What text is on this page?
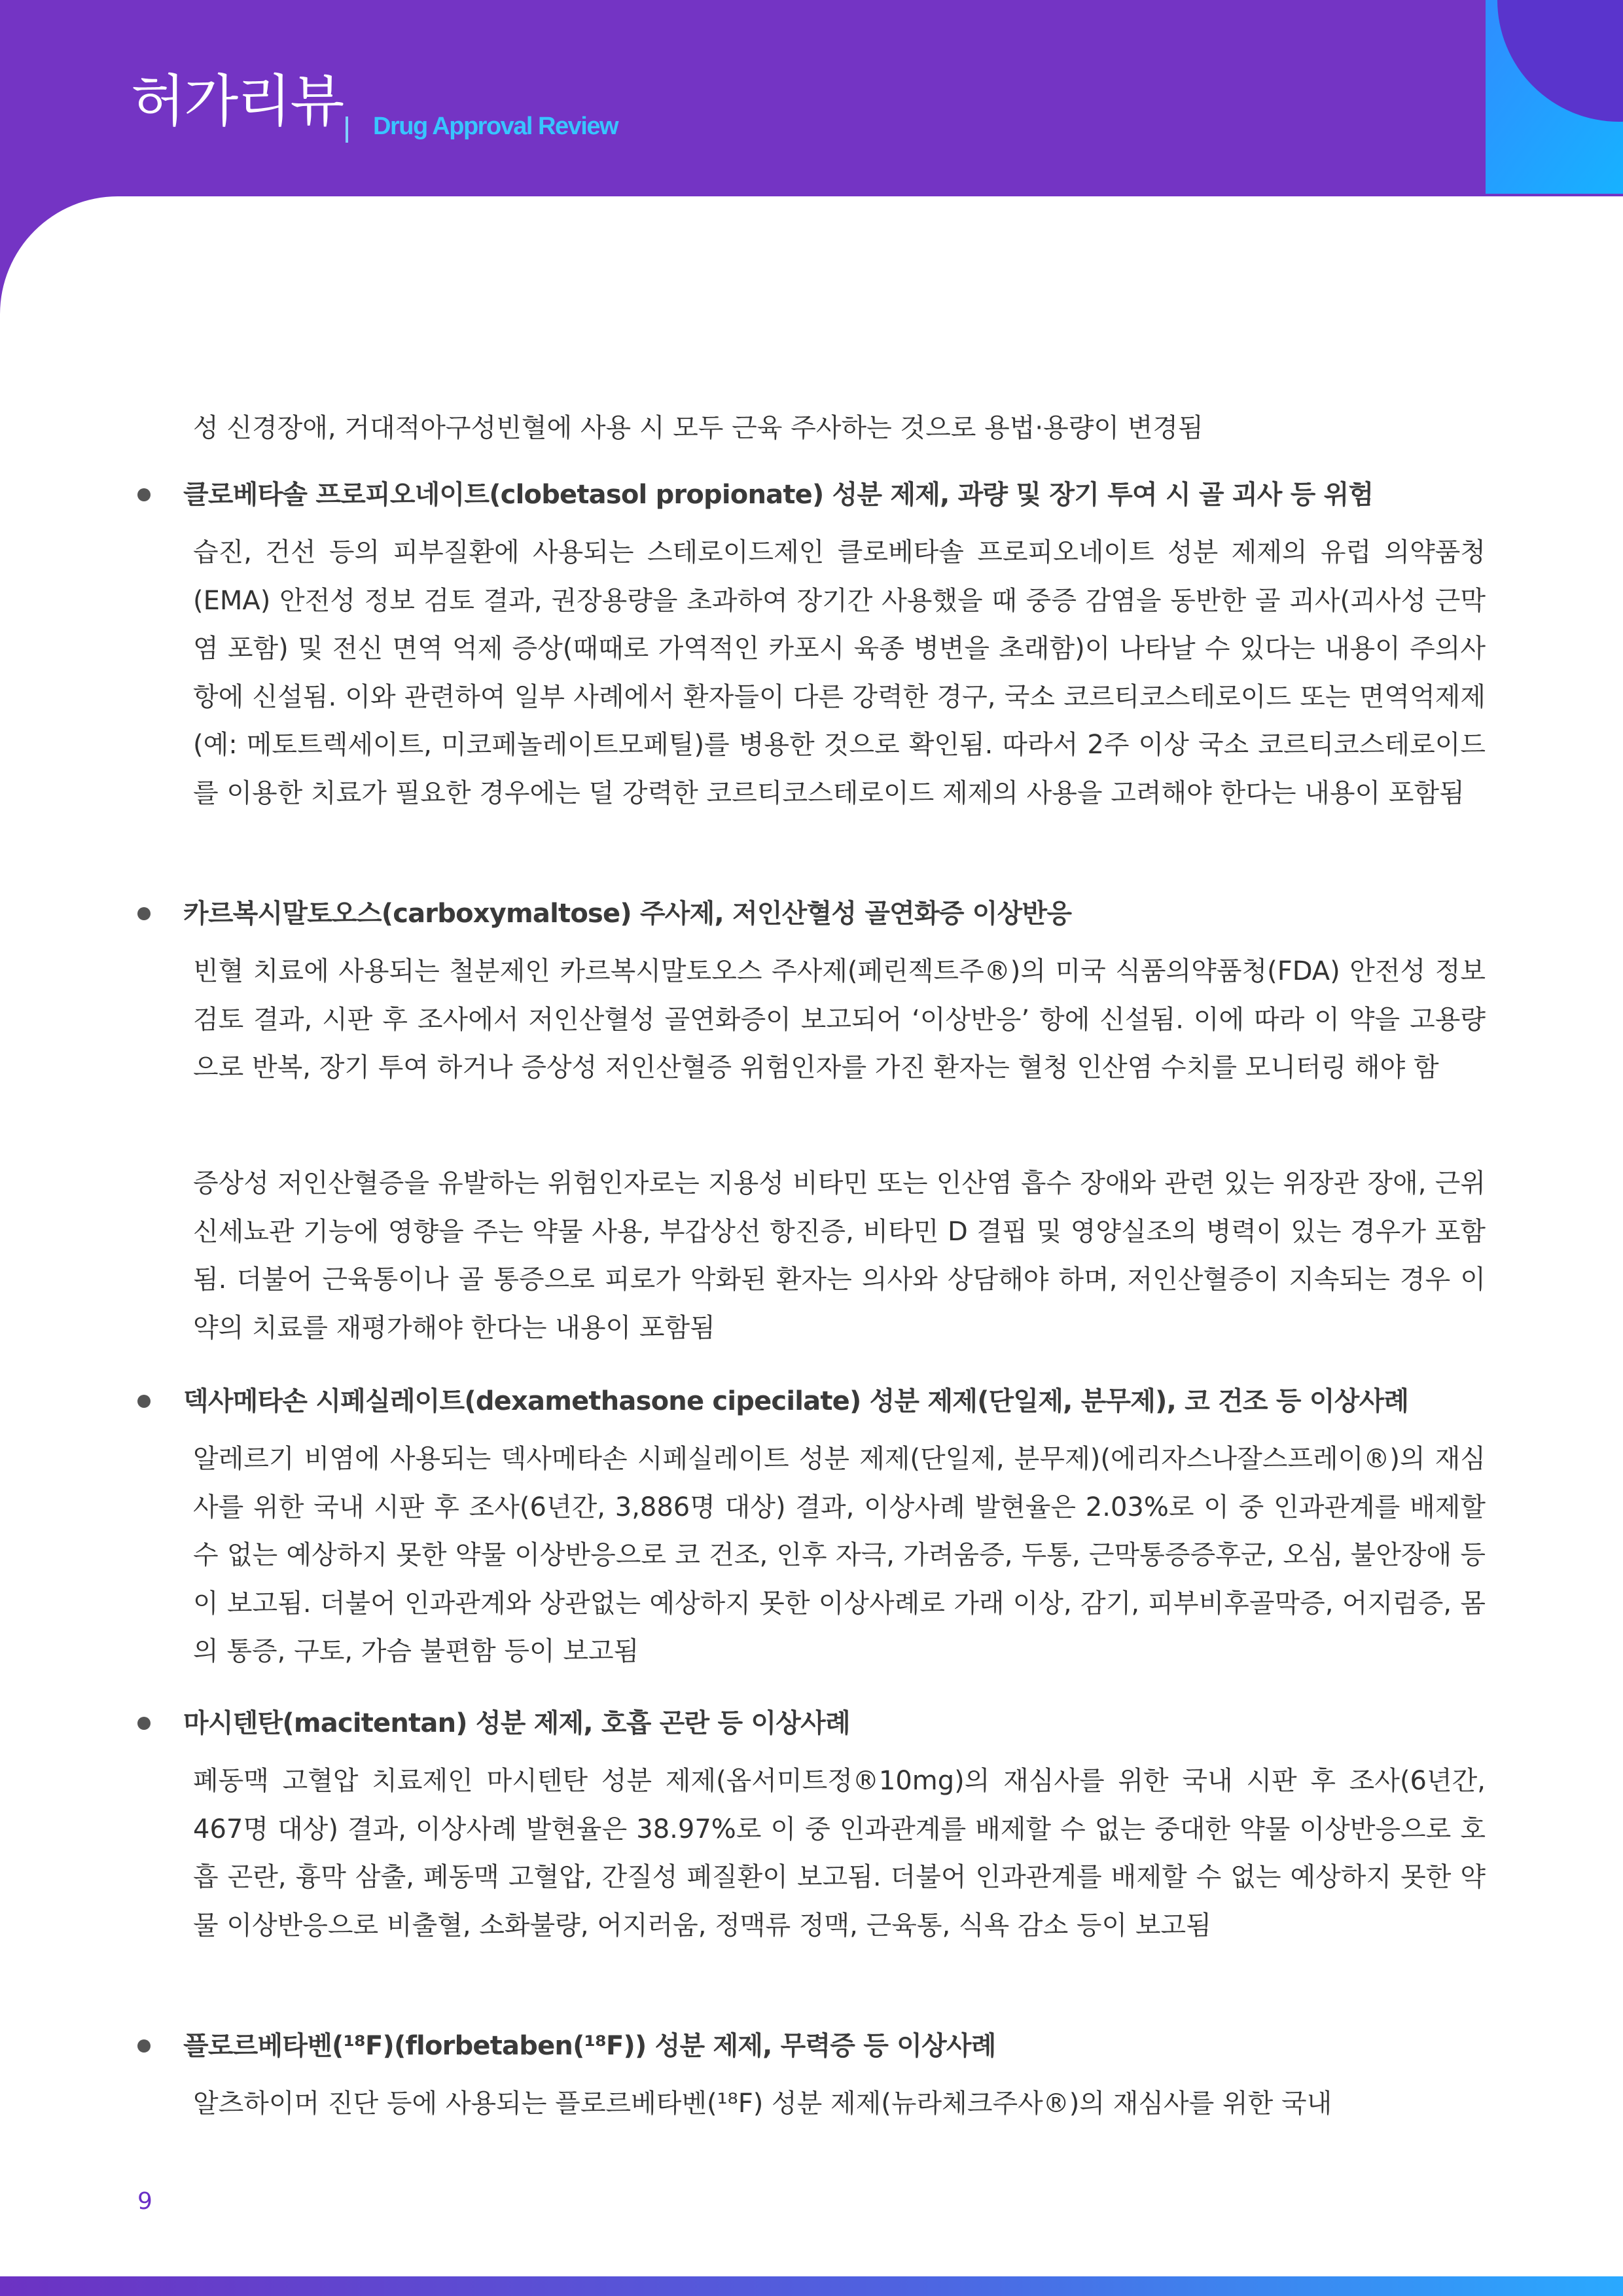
허가리뷰 Drug Approval Review
성 신경장애, 거대적아구성빈혈에 사용 시 모두 근육 주사하는 것으로 용법·용량이 변경됨
클로베타솔 프로피오네이트(clobetasol propionate) 성분 제제, 과량 및 장기 투여 시 골 괴사 등 위험
습진, 건선 등의 피부질환에 사용되는 스테로이드제인 클로베타솔 프로피오네이트 성분 제제의 유럽 의약품청(EMA) 안전성 정보 검토 결과, 권장용량을 초과하여 장기간 사용했을 때 중증 감염을 동반한 골 괴사(괴사성 근막염 포함) 및 전신 면역 억제 증상(때때로 가역적인 카포시 육종 병변을 초래함)이 나타날 수 있다는 내용이 주의사항에 신설됨. 이와 관련하여 일부 사례에서 환자들이 다른 강력한 경구, 국소 코르티코스테로이드 또는 면역억제제(예: 메토트렉세이트, 미코페놀레이트모페틸)를 병용한 것으로 확인됨. 따라서 2주 이상 국소 코르티코스테로이드를 이용한 치료가 필요한 경우에는 덜 강력한 코르티코스테로이드 제제의 사용을 고려해야 한다는 내용이 포함됨
카르복시말토오스(carboxymaltose) 주사제, 저인산혈성 골연화증 이상반응
빈혈 치료에 사용되는 철분제인 카르복시말토오스 주사제(페린젝트주®)의 미국 식품의약품청(FDA) 안전성 정보 검토 결과, 시판 후 조사에서 저인산혈성 골연화증이 보고되어 ‘이상반응’ 항에 신설됨. 이에 따라 이 약을 고용량으로 반복, 장기 투여 하거나 증상성 저인산혈증 위험인자를 가진 환자는 혈청 인산염 수치를 모니터링 해야 함
증상성 저인산혈증을 유발하는 위험인자로는 지용성 비타민 또는 인산염 흡수 장애와 관련 있는 위장관 장애, 근위 신세뇨관 기능에 영향을 주는 약물 사용, 부갑상선 항진증, 비타민 D 결핍 및 영양실조의 병력이 있는 경우가 포함됨. 더불어 근육통이나 골 통증으로 피로가 악화된 환자는 의사와 상담해야 하며, 저인산혈증이 지속되는 경우 이 약의 치료를 재평가해야 한다는 내용이 포함됨
덱사메타손 시페실레이트(dexamethasone cipecilate) 성분 제제(단일제, 분무제), 코 건조 등 이상사례
알레르기 비염에 사용되는 덱사메타손 시페실레이트 성분 제제(단일제, 분무제)(에리자스나잘스프레이®)의 재심사를 위한 국내 시판 후 조사(6년간, 3,886명 대상) 결과, 이상사례 발현율은 2.03%로 이 중 인과관계를 배제할 수 없는 예상하지 못한 약물 이상반응으로 코 건조, 인후 자극, 가려움증, 두통, 근막통증증후군, 오심, 불안장애 등이 보고됨. 더불어 인과관계와 상관없는 예상하지 못한 이상사례로 가래 이상, 감기, 피부비후골막증, 어지럼증, 몸의 통증, 구토, 가슴 불편함 등이 보고됨
마시텐탄(macitentan) 성분 제제, 호흡 곤란 등 이상사례
폐동맥 고혈압 치료제인 마시텐탄 성분 제제(옵서미트정®10mg)의 재심사를 위한 국내 시판 후 조사(6년간, 467명 대상) 결과, 이상사례 발현율은 38.97%로 이 중 인과관계를 배제할 수 없는 중대한 약물 이상반응으로 호흡 곤란, 흉막 삼출, 폐동맥 고혈압, 간질성 폐질환이 보고됨. 더불어 인과관계를 배제할 수 없는 예상하지 못한 약물 이상반응으로 비출혈, 소화불량, 어지러움, 정맥류 정맥, 근육통, 식욕 감소 등이 보고됨
플로르베타벤(¹⁸F)(florbetaben(¹⁸F)) 성분 제제, 무력증 등 이상사례
알츠하이머 진단 등에 사용되는 플로르베타벤(¹⁸F) 성분 제제(뉴라체크주사®)의 재심사를 위한 국내
9
